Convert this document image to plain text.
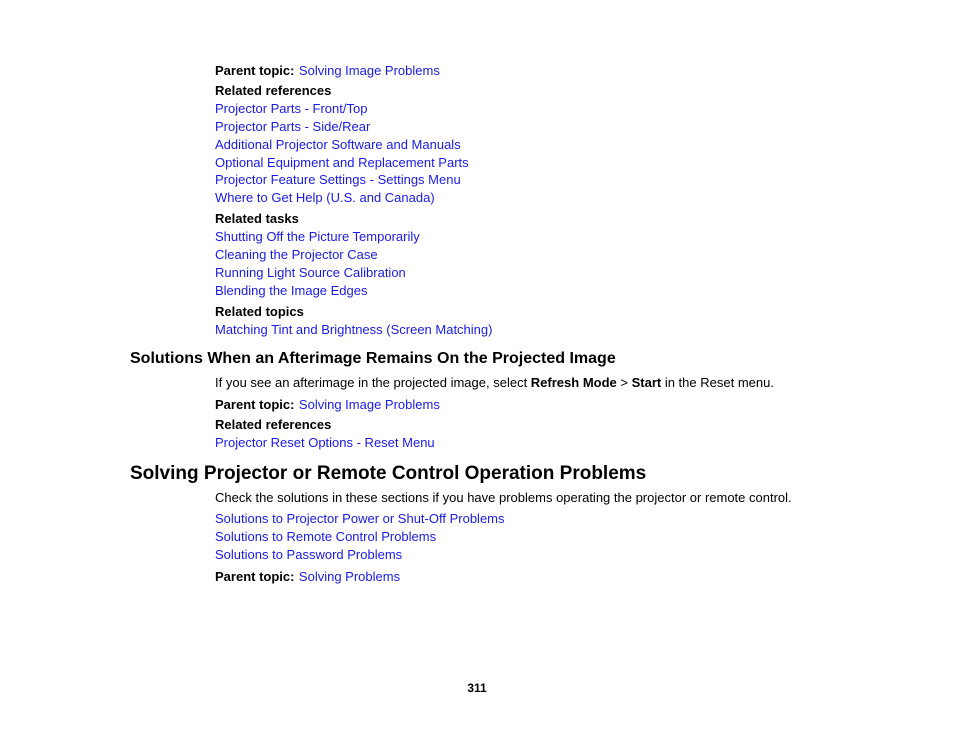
Parent topic: Solving Image Problems
Related references
Projector Parts - Front/Top
Projector Parts - Side/Rear
Additional Projector Software and Manuals
Optional Equipment and Replacement Parts
Projector Feature Settings - Settings Menu
Where to Get Help (U.S. and Canada)
Related tasks
Shutting Off the Picture Temporarily
Cleaning the Projector Case
Running Light Source Calibration
Blending the Image Edges
Related topics
Matching Tint and Brightness (Screen Matching)
Solutions When an Afterimage Remains On the Projected Image
If you see an afterimage in the projected image, select Refresh Mode > Start in the Reset menu.
Parent topic: Solving Image Problems
Related references
Projector Reset Options - Reset Menu
Solving Projector or Remote Control Operation Problems
Check the solutions in these sections if you have problems operating the projector or remote control.
Solutions to Projector Power or Shut-Off Problems
Solutions to Remote Control Problems
Solutions to Password Problems
Parent topic: Solving Problems
311
